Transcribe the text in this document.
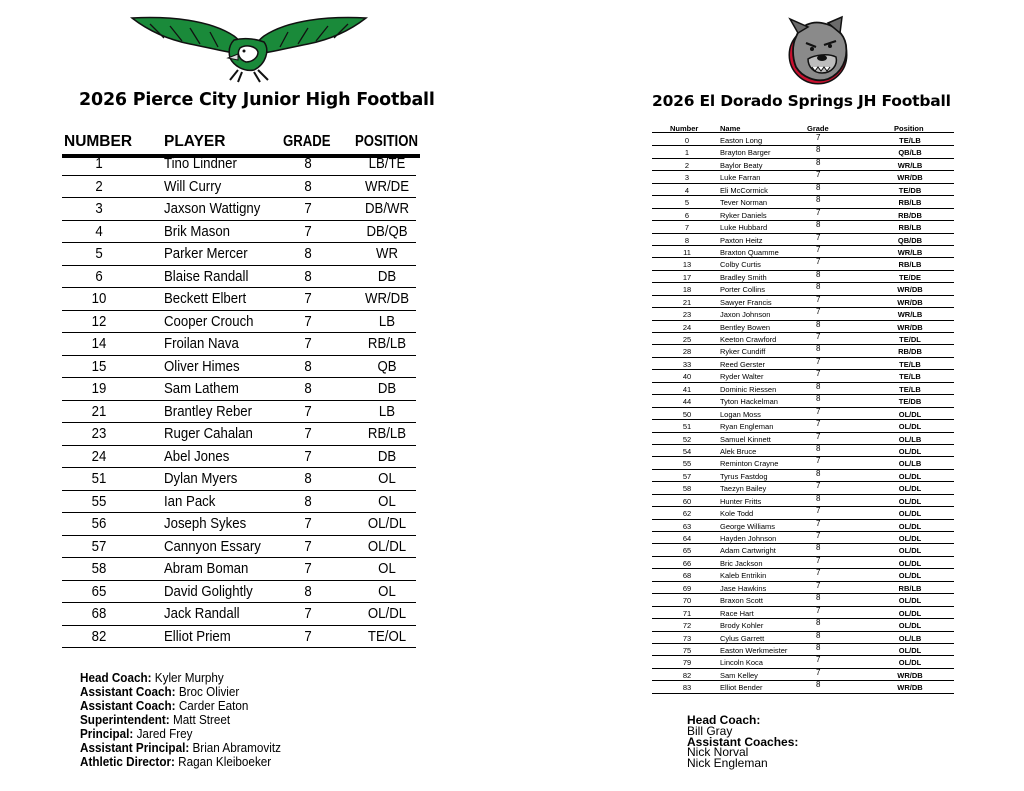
2026 Pierce City Junior High Football
NUMBER PLAYER	GRADE POSITION
1	Tino Lindner	8	LB/TE
2	Will Curry	8	WR/DE
3	Jaxson Wattigny	7	DB/WR
4	Brik Mason	7	DB/QB
5	Parker Mercer	8	WR
6	Blaise Randall	8	DB
10	Beckett Elbert	7	WR/DB
12	Cooper Crouch	7	LB
14	Froilan Nava	7	RB/LB
15	Oliver Himes	8	QB
19	Sam Lathem	8	DB
21	Brantley Reber	7	LB
23	Ruger Cahalan	7	RB/LB
24	Abel Jones	7	DB
51	Dylan Myers	8	OL
55	Ian Pack	8	OL
56	Joseph Sykes	7	OL/DL
57	Cannyon Essary	7	OL/DL
58	Abram Boman	7	OL
65	David Golightly	8	OL
68	Jack Randall	7	OL/DL
82	Elliot Priem	7	TE/OL
Head Coach: Kyler Murphy
Assistant Coach: Broc Olivier
Assistant Coach: Carder Eaton
Superintendent: Matt Street
Principal: Jared Frey
Assistant Principal: Brian Abramovitz
Athletic Director: Ragan Kleiboeker
2026 El Dorado Springs JH Football
Number	Name	Grade	Position
0	Easton Long	7	TE/LB
1	Brayton Barger	8	QB/LB
2	Baylor Beaty	8	WR/LB
3	Luke Farran	7	WR/DB
4	Eli McCormick	8	TE/DB
5	Tever Norman	8	RB/LB
6	Ryker Daniels	7	RB/DB
7	Luke Hubbard	8	RB/LB
8	Paxton Heitz	7	QB/DB
11	Braxton Quamme	7	WR/LB
13	Colby Curtis	7	RB/LB
17	Bradley Smith	8	TE/DE
18	Porter Collins	8	WR/DB
21	Sawyer Francis	7	WR/DB
23	Jaxon Johnson	7	WR/LB
24	Bentley Bowen	8	WR/DB
25	Keeton Crawford	7	TE/DL
28	Ryker Cundiff	8	RB/DB
33	Reed Gerster	7	TE/LB
40	Ryder Walter	7	TE/LB
41	Dominic Riessen	8	TE/LB
44	Tyton Hackelman	8	TE/DB
50	Logan Moss	7	OL/DL
51	Ryan Engleman	7	OL/DL
52	Samuel Kinnett	7	OL/LB
54	Alek Bruce	8	OL/DL
55	Reminton Crayne	7	OL/LB
57	Tyrus Fastdog	8	OL/DL
58	Taezyn Bailey	7	OL/DL
60	Hunter Fritts	8	OL/DL
62	Kole Todd	7	OL/DL
63	George Williams	7	OL/DL
64	Hayden Johnson	7	OL/DL
65	Adam Cartwright	8	OL/DL
66	Bric Jackson	7	OL/DL
68	Kaleb Entrikin	7	OL/DL
69	Jase Hawkins	7	RB/LB
70	Braxon Scott	8	OL/DL
71	Race Hart	7	OL/DL
72	Brody Kohler	8	OL/DL
73	Cylus Garrett	8	OL/LB
75	Easton Werkmeister	8	OL/DL
79	Lincoln Koca	7	OL/DL
82	Sam Kelley	7	WR/DB
83	Elliot Bender	8	WR/DB
Head Coach:
Bill Gray
Assistant Coaches:
Nick Norval
Nick Engleman
